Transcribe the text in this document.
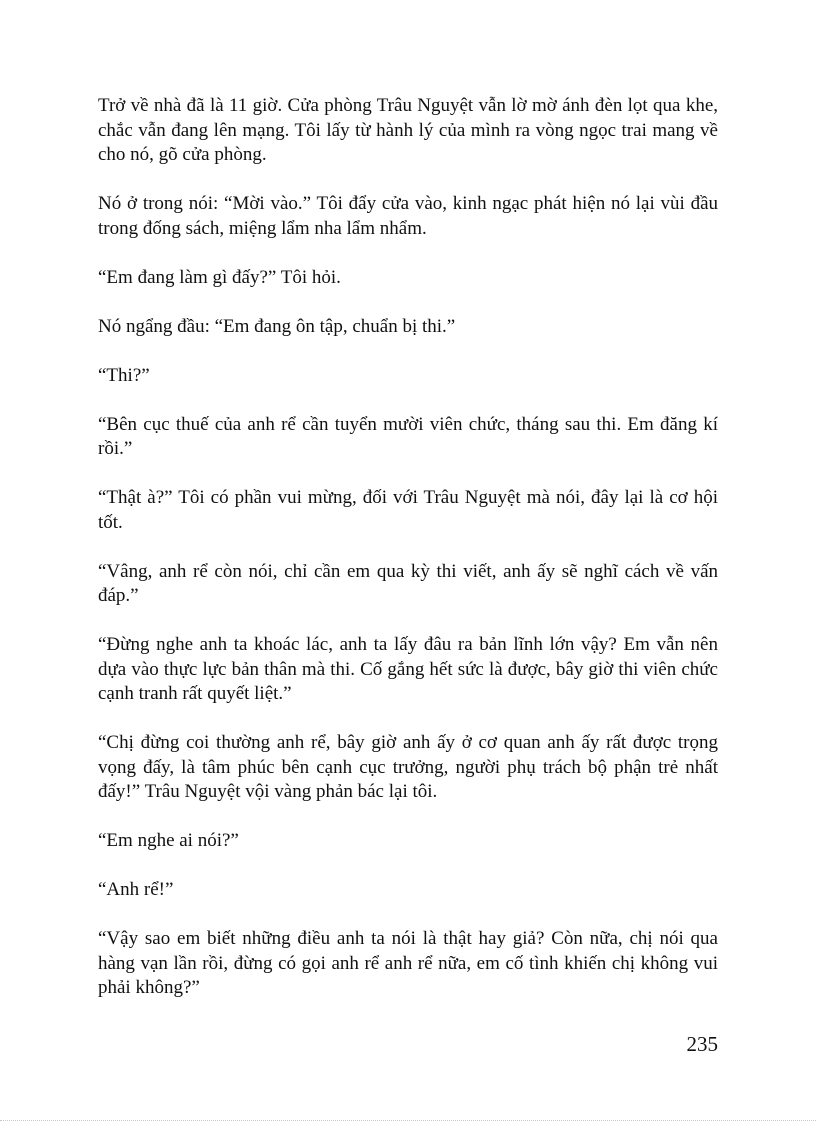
Trở về nhà đã là 11 giờ. Cửa phòng Trâu Nguyệt vẫn lờ mờ ánh đèn lọt qua khe, chắc vẫn đang lên mạng. Tôi lấy từ hành lý của mình ra vòng ngọc trai mang về cho nó, gõ cửa phòng.

Nó ở trong nói: “Mời vào.” Tôi đẩy cửa vào, kinh ngạc phát hiện nó lại vùi đầu trong đống sách, miệng lẩm nha lẩm nhẩm.

“Em đang làm gì đấy?” Tôi hỏi.

Nó ngẩng đầu: “Em đang ôn tập, chuẩn bị thi.”

“Thi?”

“Bên cục thuế của anh rể cần tuyển mười viên chức, tháng sau thi. Em đăng kí rồi.”

“Thật à?” Tôi có phần vui mừng, đối với Trâu Nguyệt mà nói, đây lại là cơ hội tốt.

“Vâng, anh rể còn nói, chỉ cần em qua kỳ thi viết, anh ấy sẽ nghĩ cách về vấn đáp.”

“Đừng nghe anh ta khoác lác, anh ta lấy đâu ra bản lĩnh lớn vậy? Em vẫn nên dựa vào thực lực bản thân mà thi. Cố gắng hết sức là được, bây giờ thi viên chức cạnh tranh rất quyết liệt.”

“Chị đừng coi thường anh rể, bây giờ anh ấy ở cơ quan anh ấy rất được trọng vọng đấy, là tâm phúc bên cạnh cục trưởng, người phụ trách bộ phận trẻ nhất đấy!” Trâu Nguyệt vội vàng phản bác lại tôi.

“Em nghe ai nói?”

“Anh rể!”

“Vậy sao em biết những điều anh ta nói là thật hay giả? Còn nữa, chị nói qua hàng vạn lần rồi, đừng có gọi anh rể anh rể nữa, em cố tình khiến chị không vui phải không?”

235
